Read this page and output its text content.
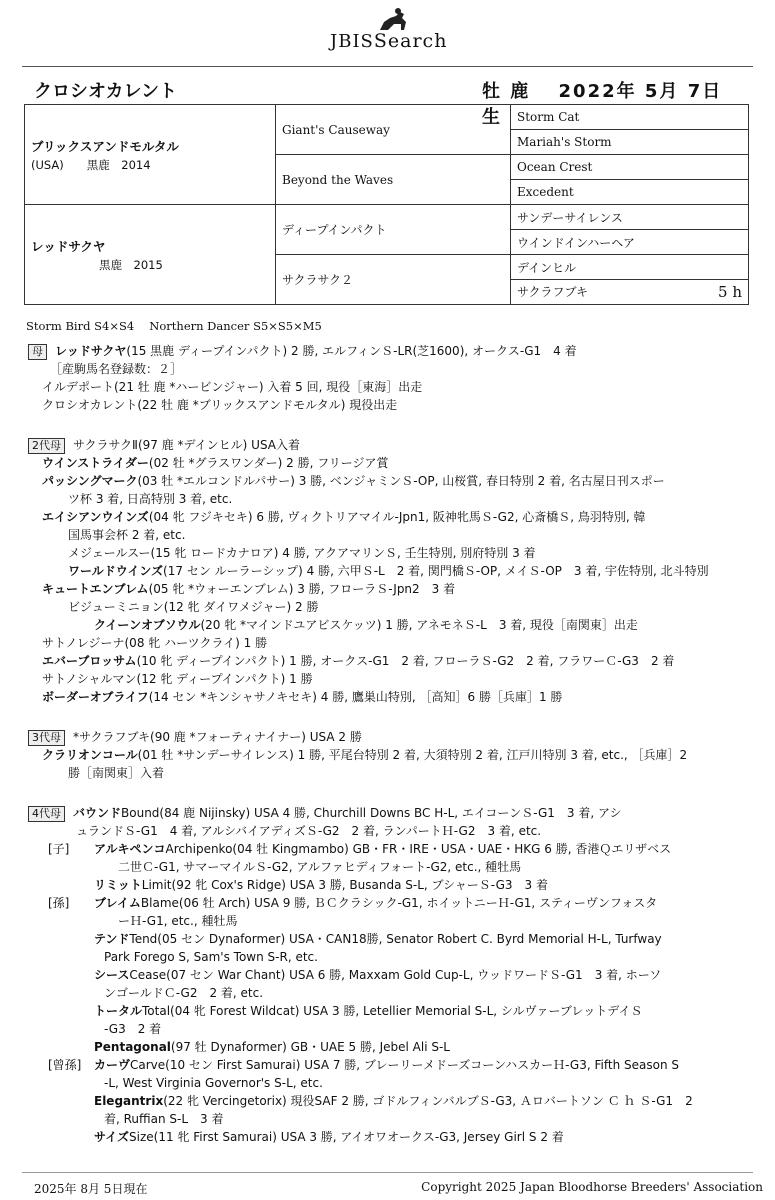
JBISSearch
クロシオカレント	牡 鹿　 2022年 5月 7日生
ブリックスアンドモルタル
(USA)　　黒鹿　2014	Giant's Causeway	Storm Cat
		Mariah's Storm
	Beyond the Waves	Ocean Crest
		Excedent

レッドサクヤ
黒鹿　2015	ディープインパクト	サンデーサイレンス
		ウインドインハーヘア
	サクラサク２	デインヒル
		サクラフブキ 5 h
Storm Bird S4×S4　 Northern Dancer S5×S5×M5
母 レッドサクヤ(15 黒鹿 ディープインパクト) 2 勝, エルフィンＳ-LR(芝1600), オークス-G1　4 着
［産駒馬名登録数：２］
イルデポート(21 牡 鹿 *ハービンジャー) 入着 5 回, 現役［東海］出走
クロシオカレント(22 牡 鹿 *ブリックスアンドモルタル) 現役出走
2代母 サクラサクⅡ(97 鹿 *デインヒル) USA入着
ウインストライダー(02 牡 *グラスワンダー) 2 勝, フリージア賞
パッシングマーク(03 牡 *エルコンドルパサー) 3 勝, ベンジャミンＳ-OP, 山桜賞, 春日特別 2 着, 名古屋日刊スポー
ツ杯 3 着, 日高特別 3 着, etc.
エイシアンウインズ(04 牝 フジキセキ) 6 勝, ヴィクトリアマイル-Jpn1, 阪神牝馬Ｓ-G2, 心斎橋Ｓ, 鳥羽特別, 韓
国馬事会杯 2 着, etc.
メジェールスー(15 牝 ロードカナロア) 4 勝, アクアマリンＳ, 壬生特別, 別府特別 3 着
ワールドウインズ(17 セン ルーラーシップ) 4 勝, 六甲Ｓ-L　2 着, 関門橋Ｓ-OP, メイＳ-OP　3 着, 宇佐特別, 北斗特別
キュートエンブレム(05 牝 *ウォーエンブレム) 3 勝, フローラＳ-Jpn2　3 着
ビジューミニョン(12 牝 ダイワメジャー) 2 勝
クイーンオブソウル(20 牝 *マインドユアビスケッツ) 1 勝, アネモネＳ-L　3 着, 現役［南関東］出走
サトノレジーナ(08 牝 ハーツクライ) 1 勝
エバーブロッサム(10 牝 ディープインパクト) 1 勝, オークス-G1　2 着, フローラＳ-G2　2 着, フラワーＣ-G3　2 着
サトノシャルマン(12 牝 ディープインパクト) 1 勝
ボーダーオブライフ(14 セン *キンシャサノキセキ) 4 勝, 鷹巣山特別, ［高知］6 勝［兵庫］1 勝
3代母 *サクラフブキ(90 鹿 *フォーティナイナー) USA 2 勝
クラリオンコール(01 牡 *サンデーサイレンス) 1 勝, 平尾台特別 2 着, 大須特別 2 着, 江戸川特別 3 着, etc., ［兵庫］2
勝［南関東］入着
4代母 バウンドBound(84 鹿 Nijinsky) USA 4 勝, Churchill Downs BC H-L, エイコーンＳ-G1　3 着, アシ
ュランドＳ-G1　4 着, アルシバイアディズＳ-G2　2 着, ランパートＨ-G2　3 着, etc.
[子] アルキペンコArchipenko(04 牡 Kingmambo) GB・FR・IRE・USA・UAE・HKG 6 勝, 香港Ｑエリザベス
二世Ｃ-G1, サマーマイルＳ-G2, アルファヒディフォート-G2, etc., 種牡馬
リミットLimit(92 牝 Cox's Ridge) USA 3 勝, Busanda S-L, ブシャーＳ-G3　3 着
[孫] ブレイムBlame(06 牡 Arch) USA 9 勝, ＢＣクラシック-G1, ホイットニーＨ-G1, スティーヴンフォスタ
ーＨ-G1, etc., 種牡馬
テンドTend(05 セン Dynaformer) USA・CAN18勝, Senator Robert C. Byrd Memorial H-L, Turfway
Park Forego S, Sam's Town S-R, etc.
シースCease(07 セン War Chant) USA 6 勝, Maxxam Gold Cup-L, ウッドワードＳ-G1　3 着, ホーソ
ンゴールドＣ-G2　2 着, etc.
トータルTotal(04 牝 Forest Wildcat) USA 3 勝, Letellier Memorial S-L, シルヴァーブレットデイＳ
-G3　2 着
Pentagonal(97 牡 Dynaformer) GB・UAE 5 勝, Jebel Ali S-L
[曾孫] カーヴCarve(10 セン First Samurai) USA 7 勝, ブレーリーメドーズコーンハスカーＨ-G3, Fifth Season S
-L, West Virginia Governor's S-L, etc.
Elegantrix(22 牝 Vercingetorix) 現役SAF 2 勝, ゴドルフィンバルブＳ-G3, Ａロバートソン Ｃ ｈ Ｓ-G1　2
着, Ruffian S-L　3 着
サイズSize(11 牝 First Samurai) USA 3 勝, アイオワオークス-G3, Jersey Girl S 2 着
2025年 8月 5日現在	Copyright 2025 Japan Bloodhorse Breeders' Association
